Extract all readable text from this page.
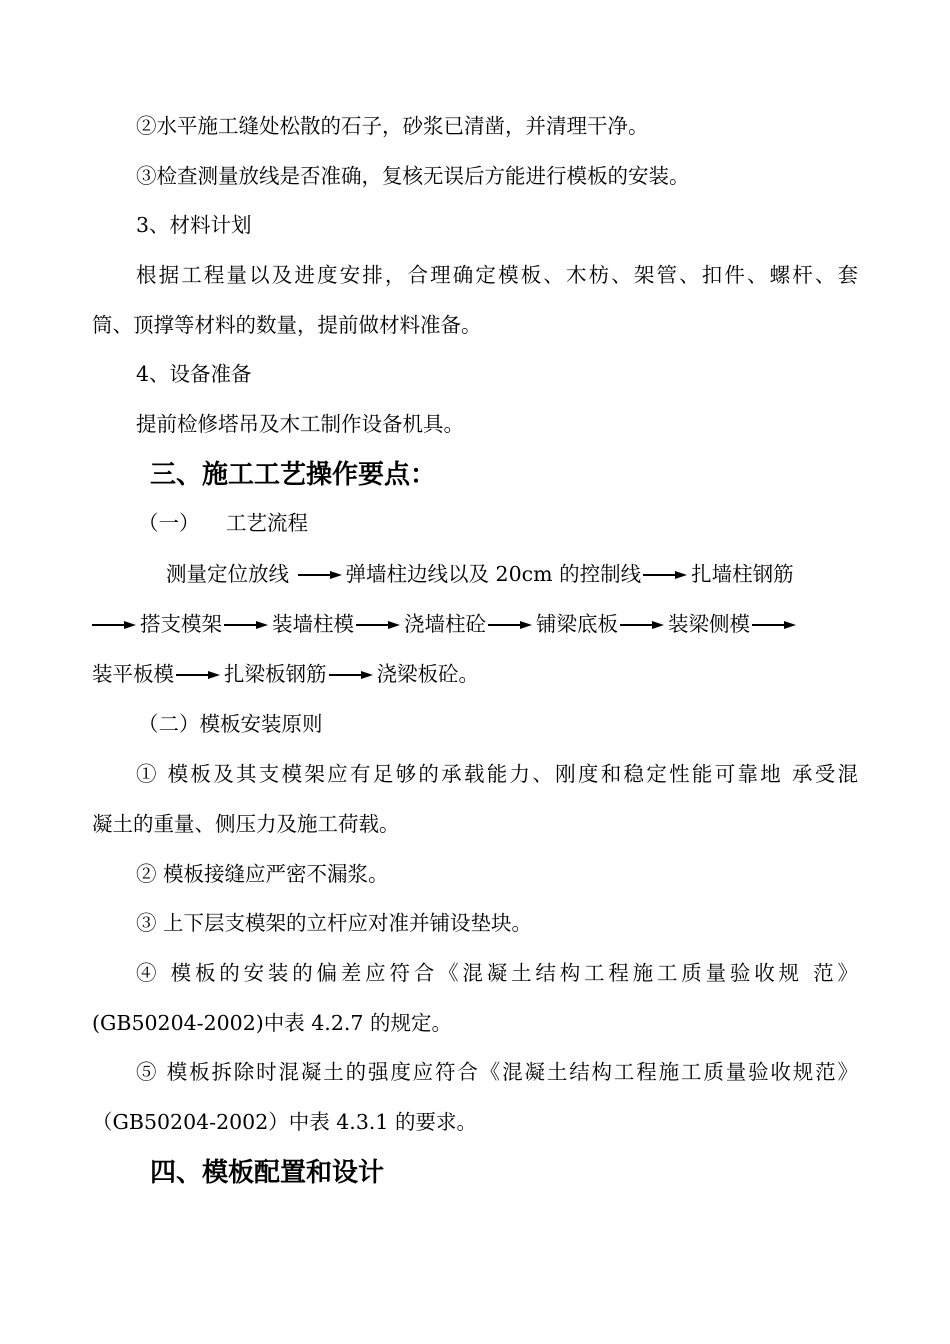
②水平施工缝处松散的石子，砂浆已清凿，并清理干净。
③检查测量放线是否准确，复核无误后方能进行模板的安装。
3、材料计划
根据工程量以及进度安排，合理确定模板、木枋、架管、扣件、螺杆、套
筒、顶撑等材料的数量，提前做材料准备。
4、设备准备
提前检修塔吊及木工制作设备机具。
三、施工工艺操作要点：
（一） 工艺流程
测量定位放线	弹墙柱边线以及 20cm 的控制线 扎墙柱钢筋
搭支模架 装墙柱模 浇墙柱砼 铺梁底板 装梁侧模
装平板模 扎梁板钢筋 浇梁板砼。
（二）模板安装原则
① 模板及其支模架应有足够的承载能力、刚度和稳定性能可靠地 承受混
凝土的重量、侧压力及施工荷载。
② 模板接缝应严密不漏浆。
③ 上下层支模架的立杆应对准并铺设垫块。
④ 模板的安装的偏差应符合《混凝土结构工程施工质量验收规 范》
(GB50204-2002)中表 4.2.7 的规定。
⑤ 模板拆除时混凝土的强度应符合《混凝土结构工程施工质量验收规范》
（GB50204-2002）中表 4.3.1 的要求。
四、模板配置和设计
